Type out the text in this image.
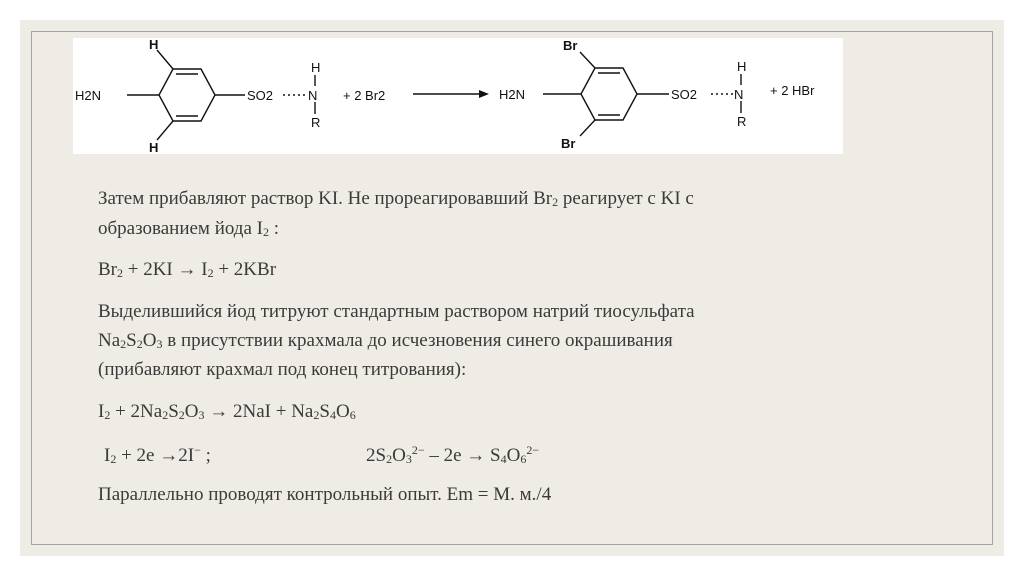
H
H
H2N	SO2	N
H
R
+ 2 Br2
Br
Br
H2N	SO2	N
H
R
+ 2 HBr
Затем прибавляют раствор KI. Не прореагировавший $Br_2$ реагирует с KI с
образованием йода $I_2$ :
$Br_2 + 2KI \to I_2 + 2KBr$
Выделившийся йод титруют стандартным раствором натрий тиосульфата
$Na_2S_2O_3$ в присутствии крахмала до исчезновения синего окрашивания
(прибавляют крахмал под конец титрования):
$I_2 + 2Na_2S_2O_3 \to 2NaI + Na_2S_4O_6$
$I_2 + 2e \to 2I^-$ ;	$2S_2O_3^{2-} - 2e \to S_4O_6^{2-}$
Параллельно проводят контрольный опыт. Em = М. м./4
